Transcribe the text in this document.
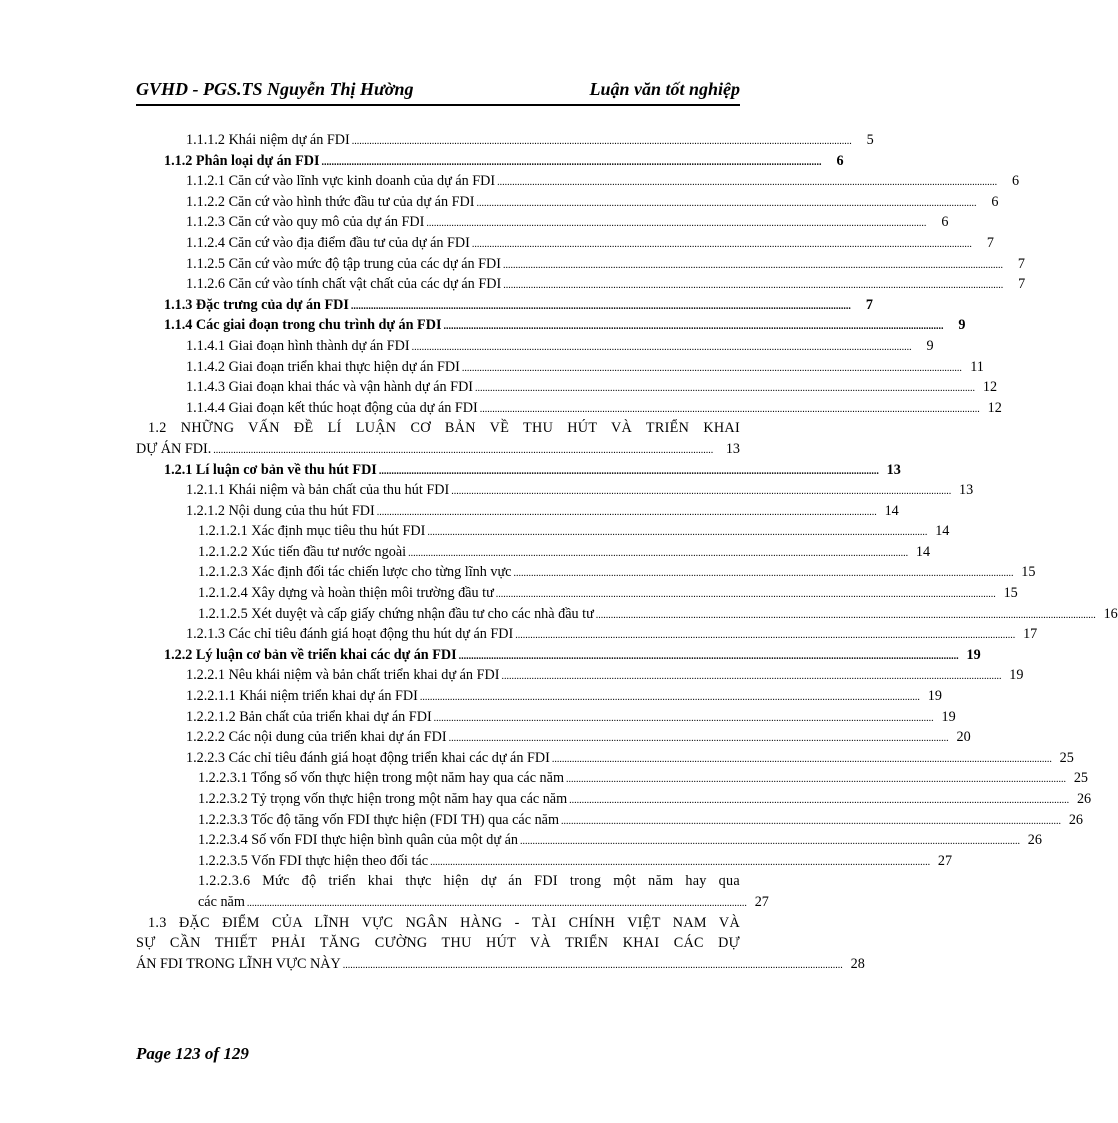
GVHD - PGS.TS Nguyễn Thị Hường	Luận văn tốt nghiệp
1.1.1.2 Khái niệm dự án FDI ........................................................................................................................................................................................................	5
1.1.2 Phân loại dự án FDI ........................................................................................................................................................................................................	6
1.1.2.1 Căn cứ vào lĩnh vực kinh doanh của dự án FDI ........................................................................................................................................................................................................	6
1.1.2.2 Căn cứ vào hình thức đầu tư của dự án FDI ........................................................................................................................................................................................................	6
1.1.2.3 Căn cứ vào quy mô của dự án FDI ........................................................................................................................................................................................................	6
1.1.2.4 Căn cứ vào địa điểm đầu tư của dự án FDI ........................................................................................................................................................................................................	7
1.1.2.5 Căn cứ vào mức độ tập trung của các dự án FDI ........................................................................................................................................................................................................	7
1.1.2.6 Căn cứ vào tính chất vật chất của các dự án FDI ........................................................................................................................................................................................................	7
1.1.3 Đặc trưng của dự án FDI ........................................................................................................................................................................................................	7
1.1.4 Các giai đoạn trong chu trình dự án FDI ........................................................................................................................................................................................................	9
1.1.4.1 Giai đoạn hình thành dự án FDI ........................................................................................................................................................................................................	9
1.1.4.2 Giai đoạn triển khai thực hiện dự án FDI ........................................................................................................................................................................................................ 11
1.1.4.3 Giai đoạn khai thác và vận hành dự án FDI ........................................................................................................................................................................................................ 12
1.1.4.4 Giai đoạn kết thúc hoạt động của dự án FDI ........................................................................................................................................................................................................ 12
1.2 NHỮNG VẤN ĐỀ LÍ LUẬN CƠ BẢN VỀ THU HÚT VÀ TRIỂN KHAI
DỰ ÁN FDI. ........................................................................................................................................................................................................ 13
1.2.1 Lí luận cơ bản về thu hút FDI ........................................................................................................................................................................................................ 13
1.2.1.1 Khái niệm và bản chất của thu hút FDI ........................................................................................................................................................................................................ 13
1.2.1.2 Nội dung của thu hút FDI ........................................................................................................................................................................................................ 14
1.2.1.2.1 Xác định mục tiêu thu hút FDI ........................................................................................................................................................................................................ 14
1.2.1.2.2 Xúc tiến đầu tư nước ngoài ........................................................................................................................................................................................................ 14
1.2.1.2.3 Xác định đối tác chiến lược cho từng lĩnh vực ........................................................................................................................................................................................................ 15
1.2.1.2.4 Xây dựng và hoàn thiện môi trường đầu tư ........................................................................................................................................................................................................ 15
1.2.1.2.5 Xét duyệt và cấp giấy chứng nhận đầu tư cho các nhà đầu tư ........................................................................................................................................................................................................ 16
1.2.1.3 Các chỉ tiêu đánh giá hoạt động thu hút dự án FDI ........................................................................................................................................................................................................ 17
1.2.2 Lý luận cơ bản về triển khai các dự án FDI ........................................................................................................................................................................................................ 19
1.2.2.1 Nêu khái niệm và bản chất triển khai dự án FDI ........................................................................................................................................................................................................ 19
1.2.2.1.1 Khái niệm triển khai dự án FDI ........................................................................................................................................................................................................ 19
1.2.2.1.2 Bản chất của triển khai dự án FDI ........................................................................................................................................................................................................ 19
1.2.2.2 Các nội dung của triển khai dự án FDI ........................................................................................................................................................................................................ 20
1.2.2.3 Các chỉ tiêu đánh giá hoạt động triển khai các dự án FDI ........................................................................................................................................................................................................ 25
1.2.2.3.1 Tổng số vốn thực hiện trong một năm hay qua các năm ........................................................................................................................................................................................................ 25
1.2.2.3.2 Tỷ trọng vốn thực hiện trong một năm hay qua các năm ........................................................................................................................................................................................................ 26
1.2.2.3.3 Tốc độ tăng vốn FDI thực hiện (FDI TH) qua các năm ........................................................................................................................................................................................................ 26
1.2.2.3.4 Số vốn FDI thực hiện bình quân của một dự án ........................................................................................................................................................................................................ 26
1.2.2.3.5 Vốn FDI thực hiện theo đối tác ........................................................................................................................................................................................................ 27
1.2.2.3.6 Mức độ triển khai thực hiện dự án FDI trong một năm hay qua
các năm ........................................................................................................................................................................................................ 27
1.3 ĐẶC ĐIỂM CỦA LĨNH VỰC NGÂN HÀNG - TÀI CHÍNH VIỆT NAM VÀ
SỰ CẦN THIẾT PHẢI TĂNG CƯỜNG THU HÚT VÀ TRIỂN KHAI CÁC DỰ
ÁN FDI TRONG LĨNH VỰC NÀY ........................................................................................................................................................................................................ 28
Page 123 of 129
